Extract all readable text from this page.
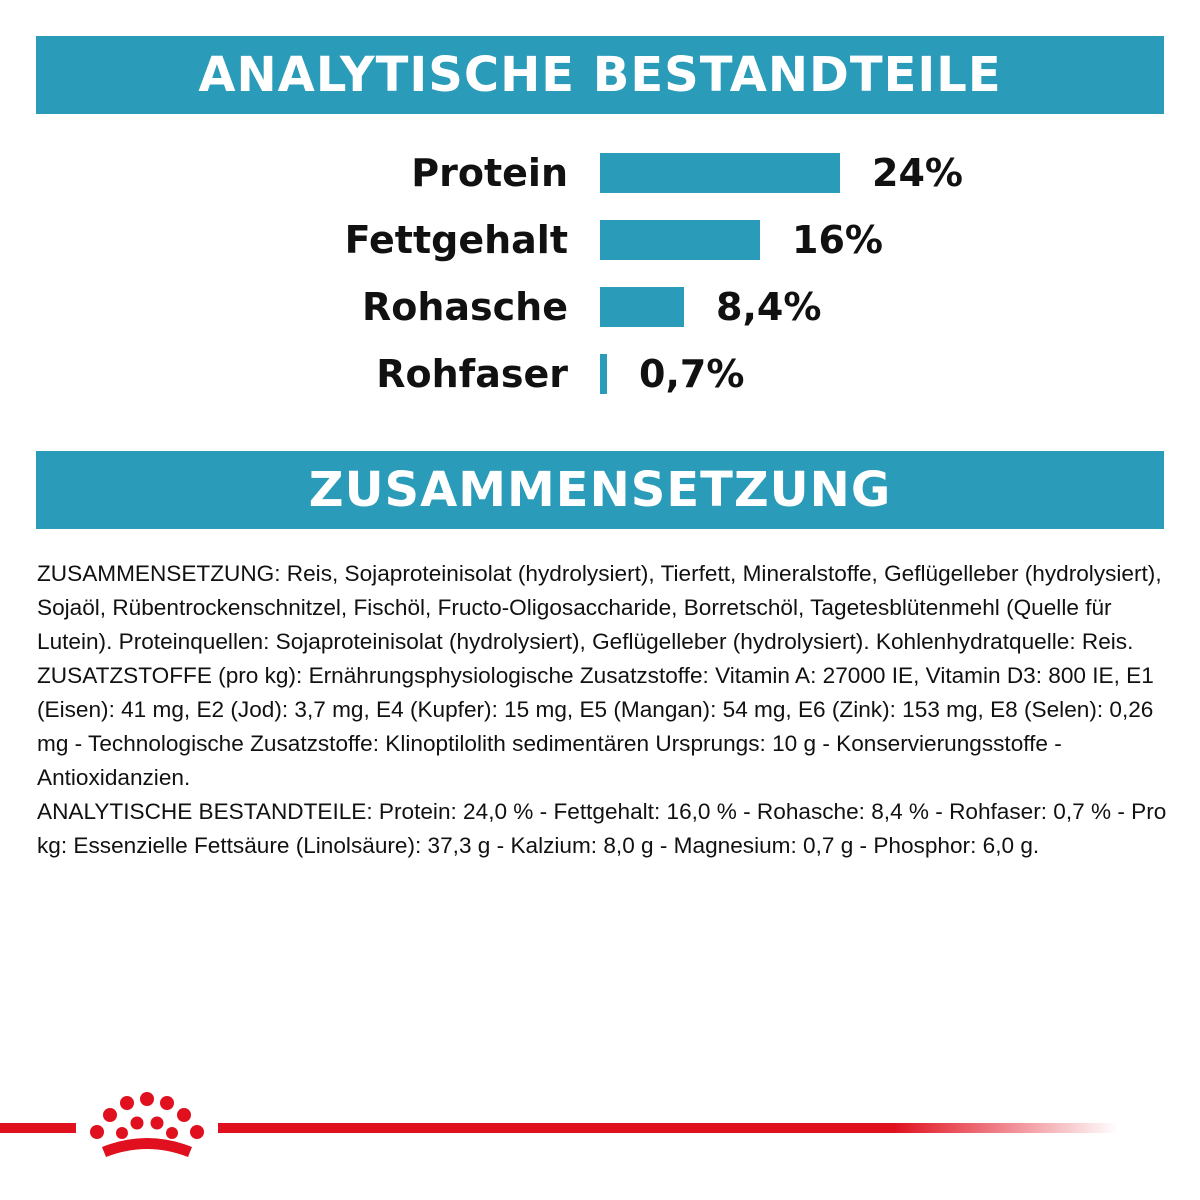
ANALYTISCHE BESTANDTEILE
Protein	24%
Fettgehalt	16%
Rohasche	8,4%
Rohfaser 0,7%
ZUSAMMENSETZUNG

ZUSAMMENSETZUNG: Reis, Sojaproteinisolat (hydrolysiert), Tierfett, Mineralstoffe, Geflügelleber (hydrolysiert), Sojaöl, Rübentrockenschnitzel, Fischöl, Fructo-Oligosaccharide, Borretschöl, Tagetesblütenmehl (Quelle für Lutein). Proteinquellen: Sojaproteinisolat (hydrolysiert), Geflügelleber (hydrolysiert). Kohlenhydratquelle: Reis.

ZUSATZSTOFFE (pro kg): Ernährungsphysiologische Zusatzstoffe: Vitamin A: 27000 IE, Vitamin D3: 800 IE, E1 (Eisen): 41 mg, E2 (Jod): 3,7 mg, E4 (Kupfer): 15 mg, E5 (Mangan): 54 mg, E6 (Zink): 153 mg, E8 (Selen): 0,26 mg - Technologische Zusatzstoffe: Klinoptilolith sedimentären Ursprungs: 10 g - Konservierungsstoffe - Antioxidanzien.

ANALYTISCHE BESTANDTEILE: Protein: 24,0 % - Fettgehalt: 16,0 % - Rohasche: 8,4 % - Rohfaser: 0,7 % - Pro kg: Essenzielle Fettsäure (Linolsäure): 37,3 g - Kalzium: 8,0 g - Magnesium: 0,7 g - Phosphor: 6,0 g.
